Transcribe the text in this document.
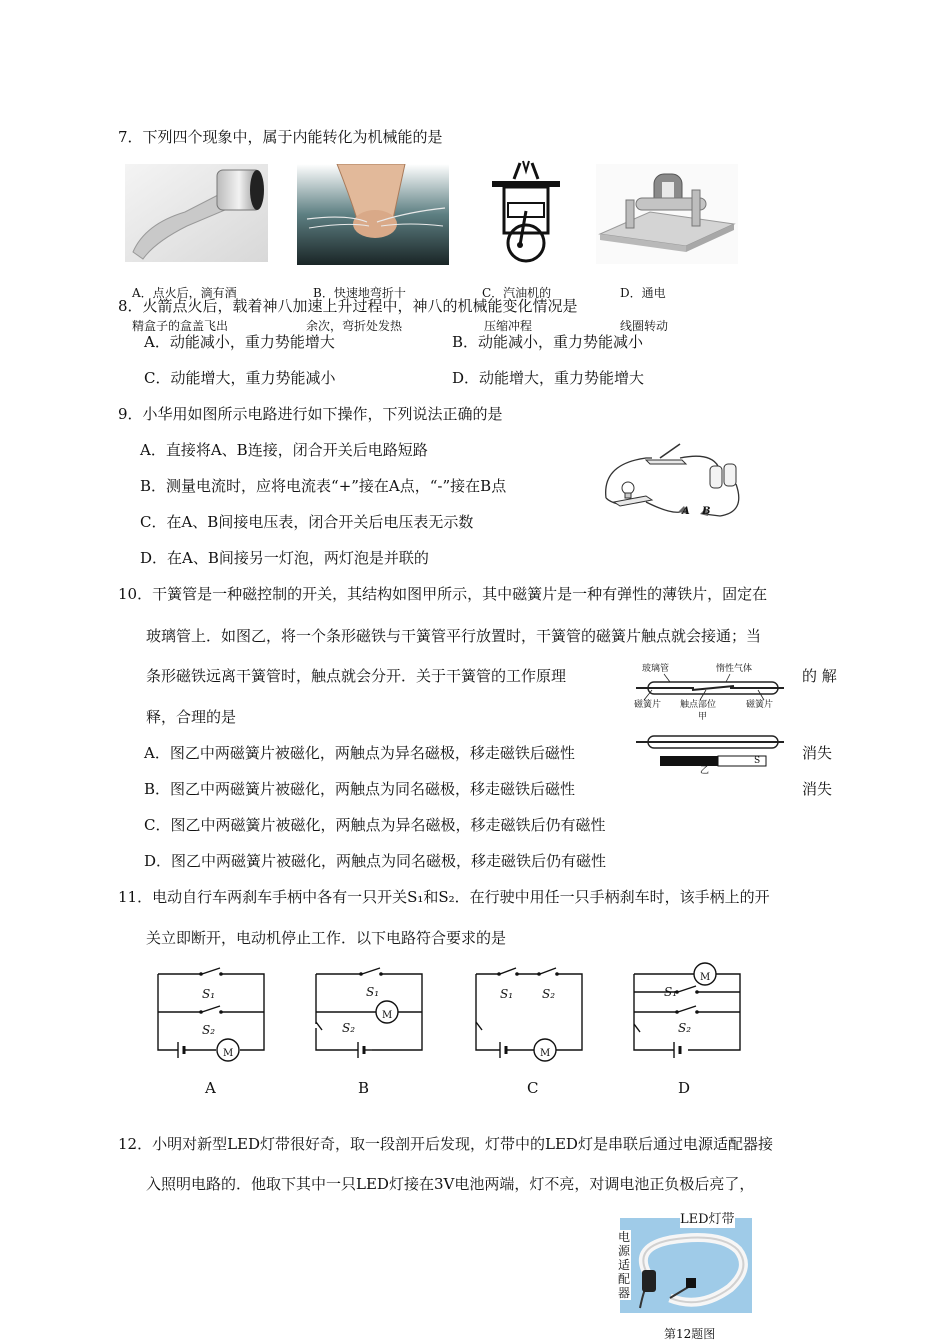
7．下列四个现象中，属于内能转化为机械能的是
A．点火后，滴有酒	B．快速地弯折十	C．汽油机的	D．通电
8．火箭点火后，载着神八加速上升过程中，神八的机械能变化情况是
精盒子的盒盖飞出	余次，弯折处发热	压缩冲程	线圈转动
A．动能减小，重力势能增大	B．动能减小，重力势能减小
C．动能增大，重力势能减小	D．动能增大，重力势能增大
9．小华用如图所示电路进行如下操作，下列说法正确的是
A．直接将A、B连接，闭合开关后电路短路
B．测量电流时，应将电流表“+”接在A点，“-”接在B点
C．在A、B间接电压表，闭合开关后电压表无示数
D．在A、B间接另一灯泡，两灯泡是并联的
A B
10．干簧管是一种磁控制的开关，其结构如图甲所示，其中磁簧片是一种有弹性的薄铁片，固定在
玻璃管上．如图乙，将一个条形磁铁与干簧管平行放置时，干簧管的磁簧片触点就会接通；当
条形磁铁远离干簧管时，触点就会分开．关于干簧管的工作原理	的 解
释，合理的是
A．图乙中两磁簧片被磁化，两触点为异名磁极，移走磁铁后磁性	消失
B．图乙中两磁簧片被磁化，两触点为同名磁极，移走磁铁后磁性	消失
C．图乙中两磁簧片被磁化，两触点为异名磁极，移走磁铁后仍有磁性
D．图乙中两磁簧片被磁化，两触点为同名磁极，移走磁铁后仍有磁性
玻璃管	惰性气体
磁簧片 触点部位	磁簧片
甲
乙
S
11．电动自行车两刹车手柄中各有一只开关S₁和S₂．在行驶中用任一只手柄刹车时，该手柄上的开
关立即断开，电动机停止工作．以下电路符合要求的是
S₁
S₂
M
S₁
S₂
M
S₁ S₂
M
S₁
S₂
M
A	B	C	D
12．小明对新型LED灯带很好奇，取一段剖开后发现，灯带中的LED灯是串联后通过电源适配器接
入照明电路的．他取下其中一只LED灯接在3V电池两端，灯不亮，对调电池正负极后亮了，
LED灯带
电源适配器
第12题图
